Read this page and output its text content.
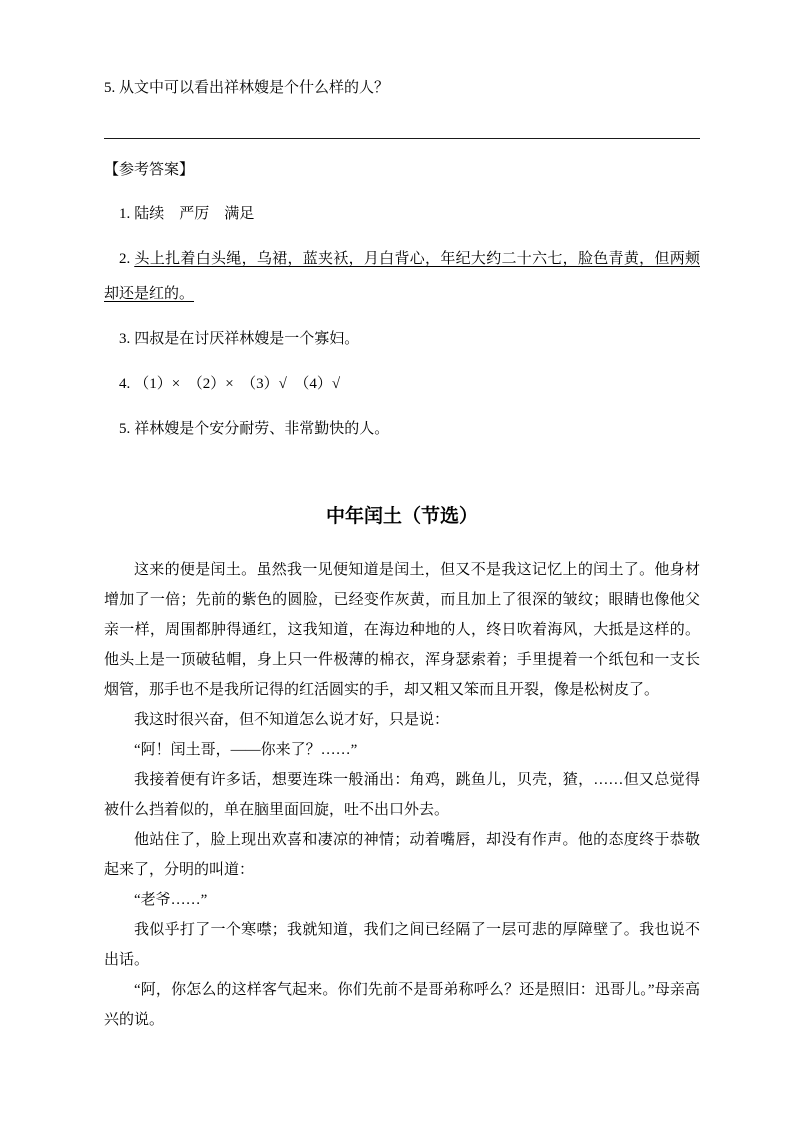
5. 从文中可以看出祥林嫂是个什么样的人？

【参考答案】

1. 陆续　严厉　满足

2. 头上扎着白头绳，乌裙，蓝夹袄，月白背心，年纪大约二十六七，脸色青黄，但两颊却还是红的。

3. 四叔是在讨厌祥林嫂是一个寡妇。

4. （1）×　（2）×　（3）√　（4）√

5. 祥林嫂是个安分耐劳、非常勤快的人。

中年闰土（节选）

这来的便是闰土。虽然我一见便知道是闰土，但又不是我这记忆上的闰土了。他身材增加了一倍；先前的紫色的圆脸，已经变作灰黄，而且加上了很深的皱纹；眼睛也像他父亲一样，周围都肿得通红，这我知道，在海边种地的人，终日吹着海风，大抵是这样的。他头上是一顶破毡帽，身上只一件极薄的棉衣，浑身瑟索着；手里提着一个纸包和一支长烟管，那手也不是我所记得的红活圆实的手，却又粗又笨而且开裂，像是松树皮了。

我这时很兴奋，但不知道怎么说才好，只是说：

“阿！闰土哥，——你来了？……”

我接着便有许多话，想要连珠一般涌出：角鸡，跳鱼儿，贝壳，猹，……但又总觉得被什么挡着似的，单在脑里面回旋，吐不出口外去。

他站住了，脸上现出欢喜和凄凉的神情；动着嘴唇，却没有作声。他的态度终于恭敬起来了，分明的叫道：

“老爷……”

我似乎打了一个寒噤；我就知道，我们之间已经隔了一层可悲的厚障壁了。我也说不出话。

“阿，你怎么的这样客气起来。你们先前不是哥弟称呼么？还是照旧：迅哥儿。”母亲高兴的说。
